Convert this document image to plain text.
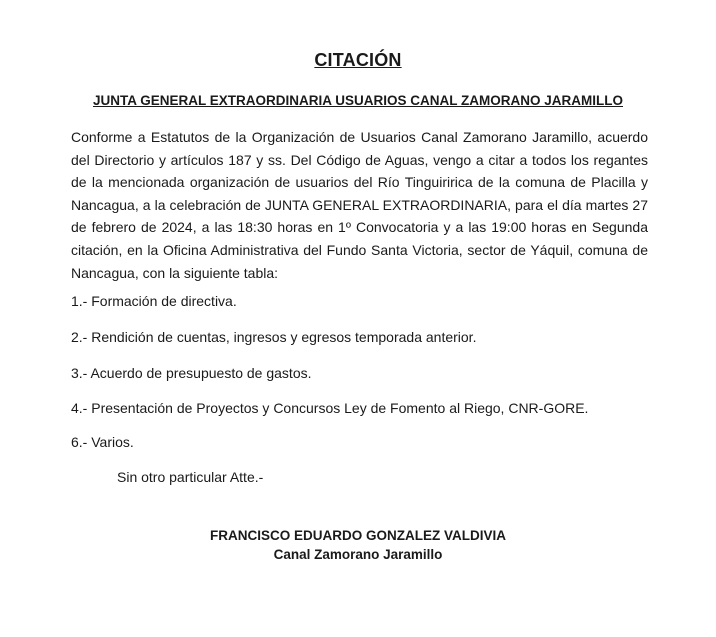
CITACIÓN
JUNTA GENERAL EXTRAORDINARIA USUARIOS CANAL ZAMORANO JARAMILLO

Conforme a Estatutos de la Organización de Usuarios Canal Zamorano Jaramillo, acuerdo del Directorio y artículos 187 y ss. Del Código de Aguas, vengo a citar a todos los regantes de la mencionada organización de usuarios del Río Tinguiririca de la comuna de Placilla y Nancagua, a la celebración de JUNTA GENERAL EXTRAORDINARIA, para el día martes 27 de febrero de 2024, a las 18:30 horas en 1º Convocatoria y a las 19:00 horas en Segunda citación, en la Oficina Administrativa del Fundo Santa Victoria, sector de Yáquil, comuna de Nancagua, con la siguiente tabla:

1.- Formación de directiva.

2.- Rendición de cuentas, ingresos y egresos temporada anterior.

3.- Acuerdo de presupuesto de gastos.

4.- Presentación de Proyectos y Concursos Ley de Fomento al Riego, CNR-GORE.

6.- Varios.

Sin otro particular Atte.-

FRANCISCO EDUARDO GONZALEZ VALDIVIA

Canal Zamorano Jaramillo
